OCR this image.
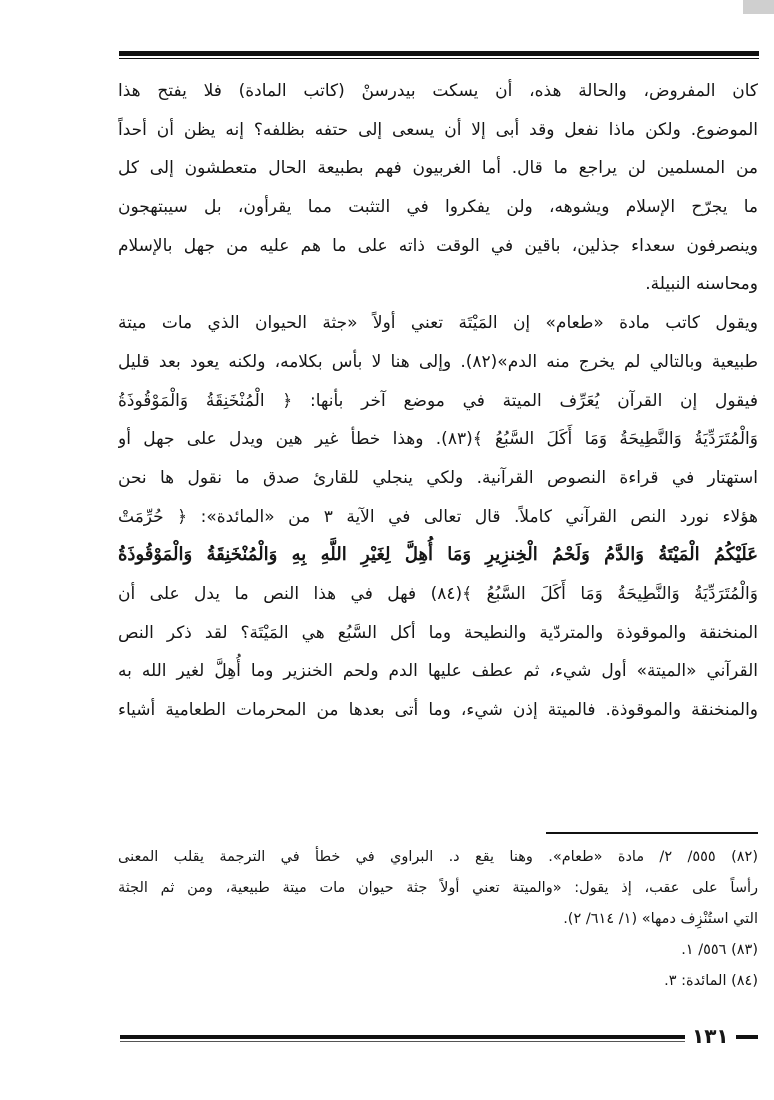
كان المفروض، والحالة هذه، أن يسكت بيدرسنْ (كاتب المادة) فلا يفتح هذا
الموضوع. ولكن ماذا نفعل وقد أبى إلا أن يسعى إلى حتفه بظلفه؟ إنه يظن أن أحداً
من المسلمين لن يراجع ما قال. أما الغربيون فهم بطبيعة الحال متعطشون إلى كل
ما يجرّح الإسلام ويشوهه، ولن يفكروا في التثبت مما يقرأون، بل سيبتهجون
وينصرفون سعداء جذلين، باقين في الوقت ذاته على ما هم عليه من جهل بالإسلام
ومحاسنه النبيلة.
ويقول كاتب مادة «طعام» إن المَيْتَة تعني أولاً «جثة الحيوان الذي مات ميتة
طبيعية وبالتالي لم يخرج منه الدم»(٨٢). وإلى هنا لا بأس بكلامه، ولكنه يعود بعد قليل
فيقول إن القرآن يُعَرِّف الميتة في موضع آخر بأنها: ﴿ الْمُنْخَنِقَةُ وَالْمَوْقُوذَةُ
وَالْمُتَرَدِّيَةُ وَالنَّطِيحَةُ وَمَا أَكَلَ السَّبُعُ ﴾(٨٣). وهذا خطأ غير هين ويدل على جهل أو
استهتار في قراءة النصوص القرآنية. ولكي ينجلي للقارئ صدق ما نقول ها نحن
هؤلاء نورد النص القرآني كاملاً. قال تعالى في الآية ٣ من «المائدة»: ﴿ حُرِّمَتْ
عَلَيْكُمُ الْمَيْتَةُ وَالدَّمُ وَلَحْمُ الْخِنزِيرِ وَمَا أُهِلَّ لِغَيْرِ اللَّهِ بِهِ وَالْمُنْخَنِقَةُ وَالْمَوْقُوذَةُ
وَالْمُتَرَدِّيَةُ وَالنَّطِيحَةُ وَمَا أَكَلَ السَّبُعُ ﴾(٨٤) فهل في هذا النص ما يدل على أن
المنخنقة والموقوذة والمتردّية والنطيحة وما أكل السَّبُع هي المَيْتَة؟ لقد ذكر النص
القرآني «الميتة» أول شيء، ثم عطف عليها الدم ولحم الخنزير وما أُهِلَّ لغير الله به
والمنخنقة والموقوذة. فالميتة إذن شيء، وما أتى بعدها من المحرمات الطعامية أشياء
(٨٢) ٥٥٥/ ٢/ مادة «طعام». وهنا يقع د. البراوي في خطأ في الترجمة يقلب المعنى
رأساً على عقب، إذ يقول: «والميتة تعني أولاً جثة حيوان مات ميتة طبيعية، ومن ثم الجثة
التي استُنْزِف دمها» (١/ ٦١٤/ ٢).
(٨٣) ٥٥٦/ ١.
(٨٤) المائدة: ٣.
١٣١
